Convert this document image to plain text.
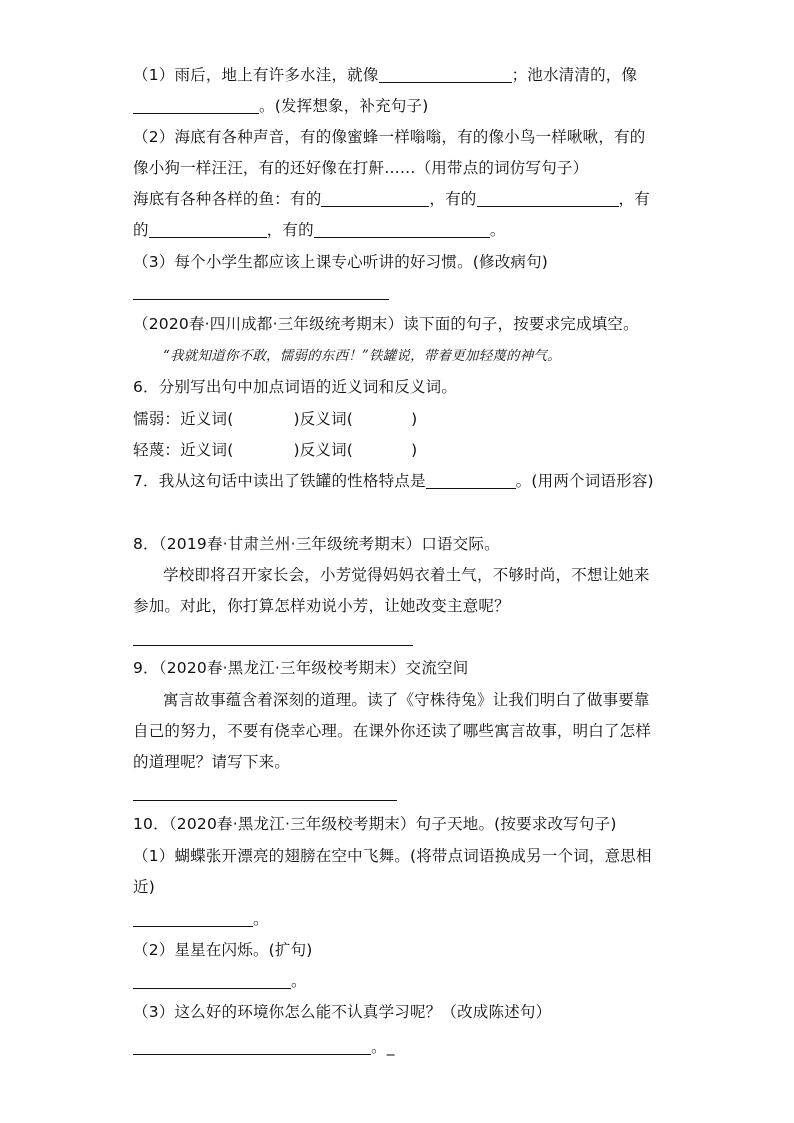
（1）雨后，地上有许多水洼，就像	；池水清清的，像
。(发挥想象，补充句子)
（2）海底有各种声音，有的像蜜蜂一样嗡嗡，有的像小鸟一样啾啾，有的
像小狗一样汪汪，有的还好像在打鼾……（用带点的词仿写句子）
海底有各种各样的鱼：有的	，有的	，有
的	，有的	。
（3）每个小学生都应该上课专心听讲的好习惯。(修改病句)
（2020春·四川成都·三年级统考期末）读下面的句子，按要求完成填空。
“我就知道你不敢，懦弱的东西！”铁罐说，带着更加轻蔑的神气。
6．分别写出句中加点词语的近义词和反义词。
懦弱：近义词(	)反义词(	)
轻蔑：近义词(	)反义词(	)
7．我从这句话中读出了铁罐的性格特点是	。(用两个词语形容)
8．（2019春·甘肃兰州·三年级统考期末）口语交际。
学校即将召开家长会，小芳觉得妈妈衣着土气，不够时尚，不想让她来
参加。对此，你打算怎样劝说小芳，让她改变主意呢？
9．（2020春·黑龙江·三年级校考期末）交流空间
寓言故事蕴含着深刻的道理。读了《守株待兔》让我们明白了做事要靠
自己的努力，不要有侥幸心理。在课外你还读了哪些寓言故事，明白了怎样
的道理呢？请写下来。
10．（2020春·黑龙江·三年级校考期末）句子天地。(按要求改写句子)
（1）蝴蝶张开漂亮的翅膀在空中飞舞。(将带点词语换成另一个词，意思相
近)
。
（2）星星在闪烁。(扩句)
。
（3）这么好的环境你怎么能不认真学习呢？（改成陈述句）
。_
